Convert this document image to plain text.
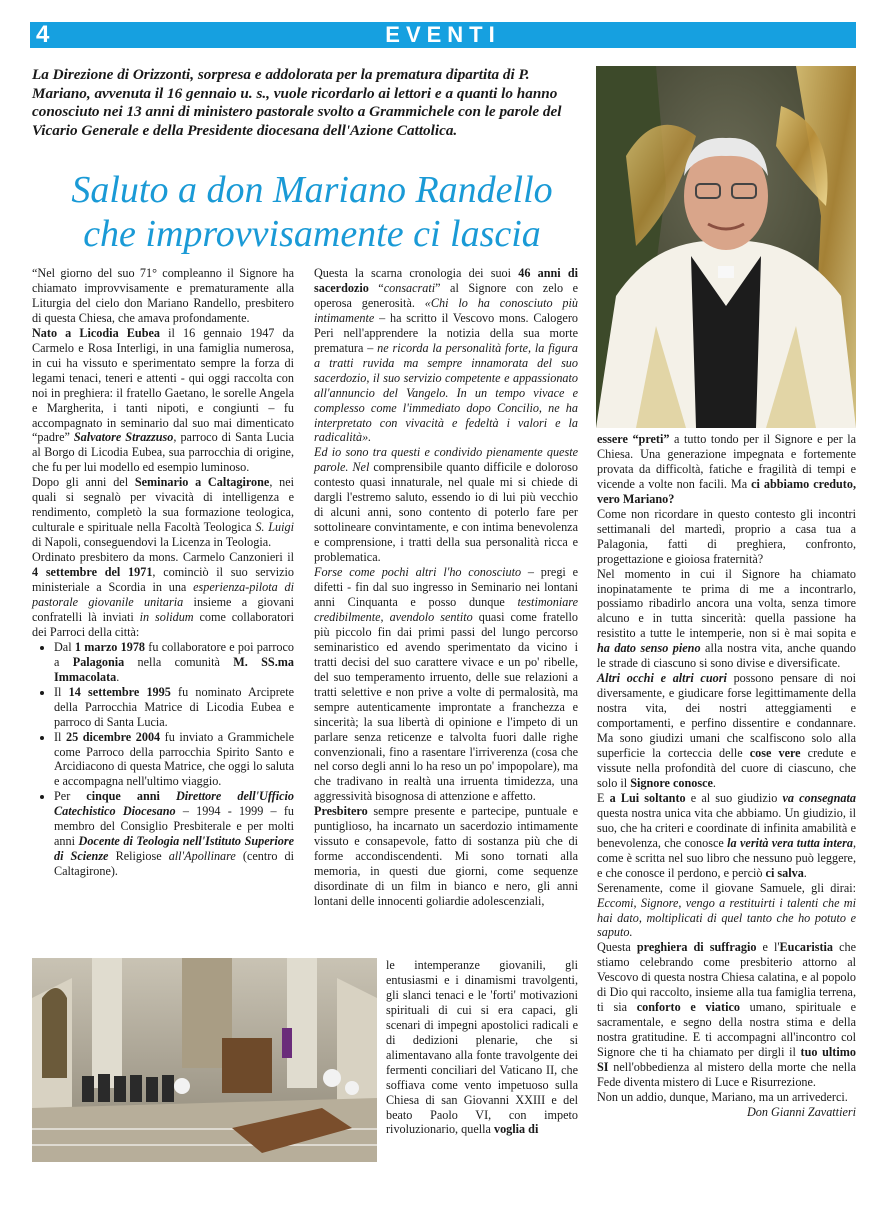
4	EVENTI
La Direzione di Orizzonti, sorpresa e addolorata per la prematura dipartita di P. Mariano, avvenuta il 16 gennaio u. s., vuole ricordarlo ai lettori e a quanti lo hanno conosciuto nei 13 anni di ministero pastorale svolto a Grammichele con le parole del Vicario Generale e della Presidente diocesana dell'Azione Cattolica.
Saluto a don Mariano Randello
che improvvisamente ci lascia

“Nel giorno del suo 71° compleanno il Signore ha chiamato improvvisamente e prematuramente alla Liturgia del cielo don Mariano Randello, presbitero di questa Chiesa, che amava profondamente.

Nato a Licodia Eubea il 16 gennaio 1947 da Carmelo e Rosa Interligi, in una famiglia numerosa, in cui ha vissuto e sperimentato sempre la forza di legami tenaci, teneri e attenti - qui oggi raccolta con noi in preghiera: il fratello Gaetano, le sorelle Angela e Margherita, i tanti nipoti, e congiunti – fu accompagnato in seminario dal suo mai dimenticato “padre” Salvatore Strazzuso, parroco di Santa Lucia al Borgo di Licodia Eubea, sua parrocchia di origine, che fu per lui modello ed esempio luminoso.

Dopo gli anni del Seminario a Caltagirone, nei quali si segnalò per vivacità di intelligenza e rendimento, completò la sua formazione teologica, culturale e spirituale nella Facoltà Teologica S. Luigi di Napoli, conseguendovi la Licenza in Teologia.

Ordinato presbitero da mons. Carmelo Canzonieri il 4 settembre del 1971, cominciò il suo servizio ministeriale a Scordia in una esperienza-pilota di pastorale giovanile unitaria insieme a giovani confratelli là inviati in solidum come collaboratori dei Parroci della città:

• Dal 1 marzo 1978 fu collaboratore e poi parroco a Palagonia nella comunità M. SS.ma Immacolata.
• Il 14 settembre 1995 fu nominato Arciprete della Parrocchia Matrice di Licodia Eubea e parroco di Santa Lucia.
• Il 25 dicembre 2004 fu inviato a Grammichele come Parroco della parrocchia Spirito Santo e Arcidiacono di questa Matrice, che oggi lo saluta e accompagna nell'ultimo viaggio.
• Per cinque anni Direttore dell'Ufficio Catechistico Diocesano – 1994 - 1999 – fu membro del Consiglio Presbiterale e per molti anni Docente di Teologia nell'Istituto Superiore di Scienze Religiose all'Apollinare (centro di Caltagirone).

Questa la scarna cronologia dei suoi 46 anni di sacerdozio “consacrati” al Signore con zelo e operosa generosità. «Chi lo ha conosciuto più intimamente – ha scritto il Vescovo mons. Calogero Peri nell'apprendere la notizia della sua morte prematura – ne ricorda la personalità forte, la figura a tratti ruvida ma sempre innamorata del suo sacerdozio, il suo servizio competente e appassionato all'annuncio del Vangelo. In un tempo vivace e complesso come l'immediato dopo Concilio, ne ha interpretato con vivacità e fedeltà i valori e la radicalità».

Ed io sono tra questi e condivido pienamente queste parole. Nel comprensibile quanto difficile e doloroso contesto quasi innaturale, nel quale mi si chiede di dargli l'estremo saluto, essendo io di lui più vecchio di alcuni anni, sono contento di poterlo fare per sottolineare convintamente, e con intima benevolenza e comprensione, i tratti della sua personalità ricca e problematica.

Forse come pochi altri l'ho conosciuto – pregi e difetti - fin dal suo ingresso in Seminario nei lontani anni Cinquanta e posso dunque testimoniare credibilmente, avendolo sentito quasi come fratello più piccolo fin dai primi passi del lungo percorso seminaristico ed avendo sperimentato da vicino i tratti decisi del suo carattere vivace e un po' ribelle, del suo temperamento irruento, delle sue relazioni a tratti selettive e non prive a volte di permalosità, ma sempre autenticamente improntate a franchezza e sincerità; la sua libertà di opinione e l'impeto di un parlare senza reticenze e talvolta fuori dalle righe convenzionali, fino a rasentare l'irriverenza (cosa che nel corso degli anni lo ha reso un po' impopolare), ma che tradivano in realtà una irruenta timidezza, una aggressività bisognosa di attenzione e affetto.

Presbitero sempre presente e partecipe, puntuale e puntiglioso, ha incarnato un sacerdozio intimamente vissuto e consapevole, fatto di sostanza più che di forme accondiscendenti. Mi sono tornati alla memoria, in questi due giorni, come sequenze disordinate di un film in bianco e nero, gli anni lontani delle innocenti goliardie adolescenziali,

le intemperanze giovanili, gli entusiasmi e i dinamismi travolgenti, gli slanci tenaci e le 'forti' motivazioni spirituali di cui si era capaci, gli scenari di impegni apostolici radicali e di dedizioni plenarie, che si alimentavano alla fonte travolgente dei fermenti conciliari del Vaticano II, che soffiava come vento impetuoso sulla Chiesa di san Giovanni XXIII e del beato Paolo VI, con impeto rivoluzionario, quella voglia di

essere “preti” a tutto tondo per il Signore e per la Chiesa. Una generazione impegnata e fortemente provata da difficoltà, fatiche e fragilità di tempi e vicende a volte non facili. Ma ci abbiamo creduto, vero Mariano?

Come non ricordare in questo contesto gli incontri settimanali del martedì, proprio a casa tua a Palagonia, fatti di preghiera, confronto, progettazione e gioiosa fraternità?

Nel momento in cui il Signore ha chiamato inopinatamente te prima di me a incontrarlo, possiamo ribadirlo ancora una volta, senza timore alcuno e in tutta sincerità: quella passione ha resistito a tutte le intemperie, non si è mai sopita e ha dato senso pieno alla nostra vita, anche quando le strade di ciascuno si sono divise e diversificate.

Altri occhi e altri cuori possono pensare di noi diversamente, e giudicare forse legittimamente della nostra vita, dei nostri atteggiamenti e comportamenti, e perfino dissentire e condannare. Ma sono giudizi umani che scalfiscono solo alla superficie la corteccia delle cose vere credute e vissute nella profondità del cuore di ciascuno, che solo il Signore conosce.

E a Lui soltanto e al suo giudizio va consegnata questa nostra unica vita che abbiamo. Un giudizio, il suo, che ha criteri e coordinate di infinita amabilità e benevolenza, che conosce la verità vera tutta intera, come è scritta nel suo libro che nessuno può leggere, e che conosce il perdono, e perciò ci salva.

Serenamente, come il giovane Samuele, gli dirai: Eccomi, Signore, vengo a restituirti i talenti che mi hai dato, moltiplicati di quel tanto che ho potuto e saputo.

Questa preghiera di suffragio e l'Eucaristia che stiamo celebrando come presbiterio attorno al Vescovo di questa nostra Chiesa calatina, e al popolo di Dio qui raccolto, insieme alla tua famiglia terrena, ti sia conforto e viatico umano, spirituale e sacramentale, e segno della nostra stima e della nostra gratitudine. E ti accompagni all'incontro col Signore che ti ha chiamato per dirgli il tuo ultimo SI nell'obbedienza al mistero della morte che nella Fede diventa mistero di Luce e Risurrezione.

Non un addio, dunque, Mariano, ma un arrivederci.

Don Gianni Zavattieri
